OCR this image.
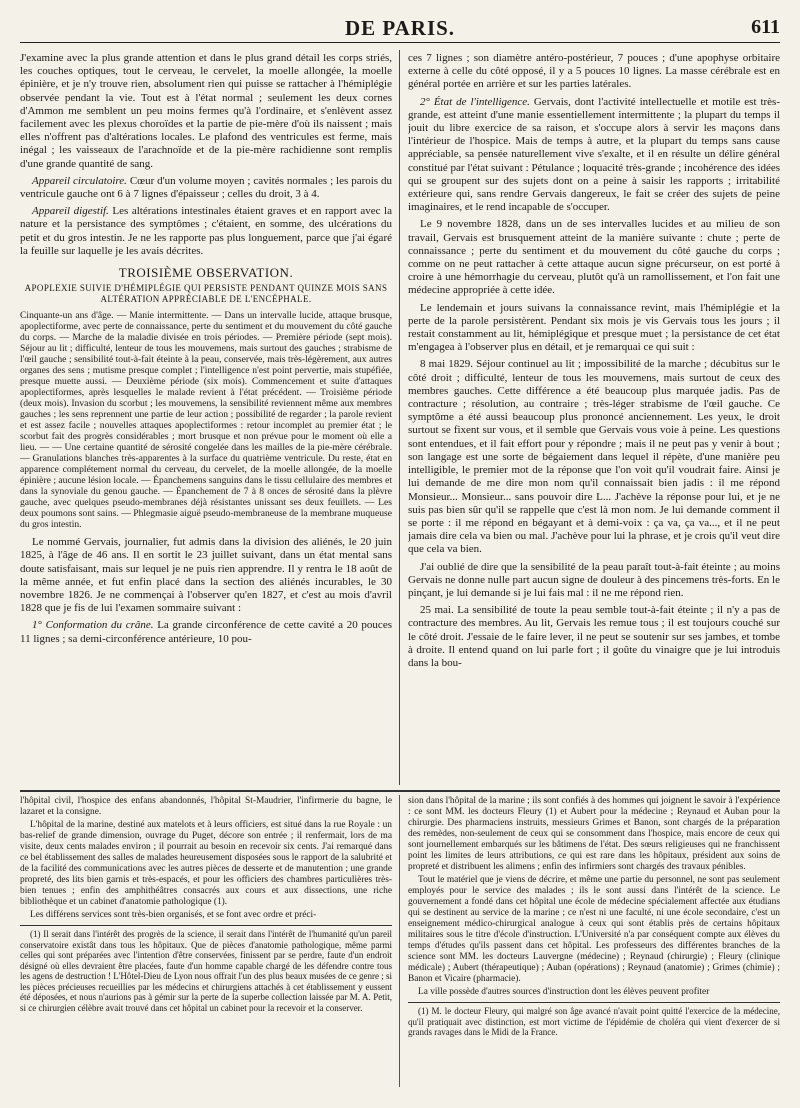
DE PARIS.	611

J'examine avec la plus grande attention et dans le plus grand détail les corps striés, les couches optiques, tout le cerveau, le cervelet, la moelle allongée, la moelle épinière, et je n'y trouve rien, absolument rien qui puisse se rattacher à l'hémiplégie observée pendant la vie. Tout est à l'état normal ; seulement les deux cornes d'Ammon me semblent un peu moins fermes qu'à l'ordinaire, et s'enlèvent assez facilement avec les plexus choroïdes et la partie de pie-mère d'où ils naissent ; mais elles n'offrent pas d'altérations locales. Le plafond des ventricules est ferme, mais inégal ; les vaisseaux de l'arachnoïde et de la pie-mère rachidienne sont remplis d'une grande quantité de sang.

Appareil circulatoire. Cœur d'un volume moyen ; cavités normales ; les parois du ventricule gauche ont 6 à 7 lignes d'épaisseur ; celles du droit, 3 à 4.

Appareil digestif. Les altérations intestinales étaient graves et en rapport avec la nature et la persistance des symptômes ; c'étaient, en somme, des ulcérations du petit et du gros intestin. Je ne les rapporte pas plus longuement, parce que j'ai égaré la feuille sur laquelle je les avais décrites.

TROISIÈME OBSERVATION.
APOPLEXIE SUIVIE D'HÉMIPLÉGIE QUI PERSISTE PENDANT QUINZE MOIS SANS ALTÉRATION APPRÉCIABLE DE L'ENCÉPHALE.

Cinquante-un ans d'âge. — Manie intermittente. — Dans un intervalle lucide, attaque brusque, apoplectiforme, avec perte de connaissance, perte du sentiment et du mouvement du côté gauche du corps. — Marche de la maladie divisée en trois périodes. — Première période (sept mois). Séjour au lit ; difficulté, lenteur de tous les mouvemens, mais surtout des gauches ; strabisme de l'œil gauche ; sensibilité tout-à-fait éteinte à la peau, conservée, mais très-légèrement, aux autres organes des sens ; mutisme presque complet ; l'intelligence n'est point pervertie, mais stupéfiée, presque muette aussi. — Deuxième période (six mois). Commencement et suite d'attaques apoplectiformes, après lesquelles le malade revient à l'état précédent. — Troisième période (deux mois). Invasion du scorbut ; les mouvemens, la sensibilité reviennent même aux membres gauches ; les sens reprennent une partie de leur action ; possibilité de regarder ; la parole revient et est assez facile ; nouvelles attaques apoplectiformes : retour incomplet au premier état ; le scorbut fait des progrès considérables ; mort brusque et non prévue pour le moment où elle a lieu. — — Une certaine quantité de sérosité congelée dans les mailles de la pie-mère cérébrale. — Granulations blanches très-apparentes à la surface du quatrième ventricule. Du reste, état en apparence complétement normal du cerveau, du cervelet, de la moelle allongée, de la moelle épinière ; aucune lésion locale. — Épanchemens sanguins dans le tissu cellulaire des membres et dans la synoviale du genou gauche. — Épanchement de 7 à 8 onces de sérosité dans la plèvre gauche, avec quelques pseudo-membranes déjà résistantes unissant ses deux feuillets. — Les deux poumons sont sains. — Phlegmasie aiguë pseudo-membraneuse de la membrane muqueuse du gros intestin.

Le nommé Gervais, journalier, fut admis dans la division des aliénés, le 20 juin 1825, à l'âge de 46 ans. Il en sortit le 23 juillet suivant, dans un état mental sans doute satisfaisant, mais sur lequel je ne puis rien apprendre. Il y rentra le 18 août de la même année, et fut enfin placé dans la section des aliénés incurables, le 30 novembre 1826. Je ne commençai à l'observer qu'en 1827, et c'est au mois d'avril 1828 que je fis de lui l'examen sommaire suivant :

1° Conformation du crâne. La grande circonférence de cette cavité a 20 pouces 11 lignes ; sa demi-circonférence antérieure, 10 pou-

ces 7 lignes ; son diamètre antéro-postérieur, 7 pouces ; d'une apophyse orbitaire externe à celle du côté opposé, il y a 5 pouces 10 lignes. La masse cérébrale est en général portée en arrière et sur les parties latérales.

2° État de l'intelligence. Gervais, dont l'activité intellectuelle et motile est très-grande, est atteint d'une manie essentiellement intermittente ; la plupart du temps il jouit du libre exercice de sa raison, et s'occupe alors à servir les maçons dans l'intérieur de l'hospice. Mais de temps à autre, et la plupart du temps sans cause appréciable, sa pensée naturellement vive s'exalte, et il en résulte un délire général constitué par l'état suivant : Pétulance ; loquacité très-grande ; incohérence des idées qui se groupent sur des sujets dont on a peine à saisir les rapports ; irritabilité extérieure qui, sans rendre Gervais dangereux, le fait se créer des sujets de peine imaginaires, et le rend incapable de s'occuper.

Le 9 novembre 1828, dans un de ses intervalles lucides et au milieu de son travail, Gervais est brusquement atteint de la manière suivante : chute ; perte de connaissance ; perte du sentiment et du mouvement du côté gauche du corps ; comme on ne peut rattacher à cette attaque aucun signe précurseur, on est porté à croire à une hémorrhagie du cerveau, plutôt qu'à un ramollissement, et l'on fait une médecine appropriée à cette idée.

Le lendemain et jours suivans la connaissance revint, mais l'hémiplégie et la perte de la parole persistèrent. Pendant six mois je vis Gervais tous les jours ; il restait constamment au lit, hémiplégique et presque muet ; la persistance de cet état m'engagea à l'observer plus en détail, et je remarquai ce qui suit :

8 mai 1829. Séjour continuel au lit ; impossibilité de la marche ; décubitus sur le côté droit ; difficulté, lenteur de tous les mouvemens, mais surtout de ceux des membres gauches. Cette différence a été beaucoup plus marquée jadis. Pas de contracture ; résolution, au contraire ; très-léger strabisme de l'œil gauche. Ce symptôme a été aussi beaucoup plus prononcé anciennement. Les yeux, le droit surtout se fixent sur vous, et il semble que Gervais vous voie à peine. Les questions sont entendues, et il fait effort pour y répondre ; mais il ne peut pas y venir à bout ; son langage est une sorte de bégaiement dans lequel il répète, d'une manière peu intelligible, le premier mot de la réponse que l'on voit qu'il voudrait faire. Ainsi je lui demande de me dire mon nom qu'il connaissait bien jadis : il me répond Monsieur... Monsieur... sans pouvoir dire L... J'achève la réponse pour lui, et je ne suis pas bien sûr qu'il se rappelle que c'est là mon nom. Je lui demande comment il se porte : il me répond en bégayant et à demi-voix : ça va, ça va..., et il ne peut jamais dire cela va bien ou mal. J'achève pour lui la phrase, et je crois qu'il veut dire que cela va bien.

J'ai oublié de dire que la sensibilité de la peau paraît tout-à-fait éteinte ; au moins Gervais ne donne nulle part aucun signe de douleur à des pincemens très-forts. En le pinçant, je lui demande si je lui fais mal : il ne me répond rien.

25 mai. La sensibilité de toute la peau semble tout-à-fait éteinte ; il n'y a pas de contracture des membres. Au lit, Gervais les remue tous ; il est toujours couché sur le côté droit. J'essaie de le faire lever, il ne peut se soutenir sur ses jambes, et tombe à droite. Il entend quand on lui parle fort ; il goûte du vinaigre que je lui introduis dans la bou-

l'hôpital civil, l'hospice des enfans abandonnés, l'hôpital St-Maudrier, l'infirmerie du bagne, le lazaret et la consigne.

L'hôpital de la marine, destiné aux matelots et à leurs officiers, est situé dans la rue Royale : un bas-relief de grande dimension, ouvrage du Puget, décore son entrée ; il renfermait, lors de ma visite, deux cents malades environ ; il pourrait au besoin en recevoir six cents. J'ai remarqué dans ce bel établissement des salles de malades heureusement disposées sous le rapport de la salubrité et de la facilité des communications avec les autres pièces de desserte et de manutention ; une grande propreté, des lits bien garnis et très-espacés, et pour les officiers des chambres particulières très-bien tenues ; enfin des amphithéâtres consacrés aux cours et aux dissections, une riche bibliothèque et un cabinet d'anatomie pathologique (1).

Les différens services sont très-bien organisés, et se font avec ordre et préci-

(1) Il serait dans l'intérêt des progrès de la science, il serait dans l'intérêt de l'humanité qu'un pareil conservatoire existât dans tous les hôpitaux. Que de pièces d'anatomie pathologique, même parmi celles qui sont préparées avec l'intention d'être conservées, finissent par se perdre, faute d'un endroit désigné où elles devraient être placées, faute d'un homme capable chargé de les défendre contre tous les agens de destruction ! L'Hôtel-Dieu de Lyon nous offrait l'un des plus beaux musées de ce genre ; si les pièces précieuses recueillies par les médecins et chirurgiens attachés à cet établissement y eussent été déposées, et nous n'aurions pas à gémir sur la perte de la superbe collection laissée par M. A. Petit, si ce chirurgien célèbre avait trouvé dans cet hôpital un cabinet pour la recevoir et la conserver.

sion dans l'hôpital de la marine ; ils sont confiés à des hommes qui joignent le savoir à l'expérience : ce sont MM. les docteurs Fleury (1) et Aubert pour la médecine ; Reynaud et Auban pour la chirurgie. Des pharmaciens instruits, messieurs Grimes et Banon, sont chargés de la préparation des remèdes, non-seulement de ceux qui se consomment dans l'hospice, mais encore de ceux qui sont journellement embarqués sur les bâtimens de l'état. Des sœurs religieuses qui ne franchissent point les limites de leurs attributions, ce qui est rare dans les hôpitaux, président aux soins de propreté et distribuent les alimens ; enfin des infirmiers sont chargés des travaux pénibles.

Tout le matériel que je viens de décrire, et même une partie du personnel, ne sont pas seulement employés pour le service des malades ; ils le sont aussi dans l'intérêt de la science. Le gouvernement a fondé dans cet hôpital une école de médecine spécialement affectée aux étudians qui se destinent au service de la marine ; ce n'est ni une faculté, ni une école secondaire, c'est un enseignement médico-chirurgical analogue à ceux qui sont établis près de certains hôpitaux militaires sous le titre d'école d'instruction. L'Université n'a par conséquent compte aux élèves du temps d'études qu'ils passent dans cet hôpital. Les professeurs des différentes branches de la science sont MM. les docteurs Lauvergne (médecine) ; Reynaud (chirurgie) ; Fleury (clinique médicale) ; Aubert (thérapeutique) ; Auban (opérations) ; Reynaud (anatomie) ; Grimes (chimie) ; Banon et Vicaire (pharmacie).

La ville possède d'autres sources d'instruction dont les élèves peuvent profiter

(1) M. le docteur Fleury, qui malgré son âge avancé n'avait point quitté l'exercice de la médecine, qu'il pratiquait avec distinction, est mort victime de l'épidémie de choléra qui vient d'exercer de si grands ravages dans le Midi de la France.
